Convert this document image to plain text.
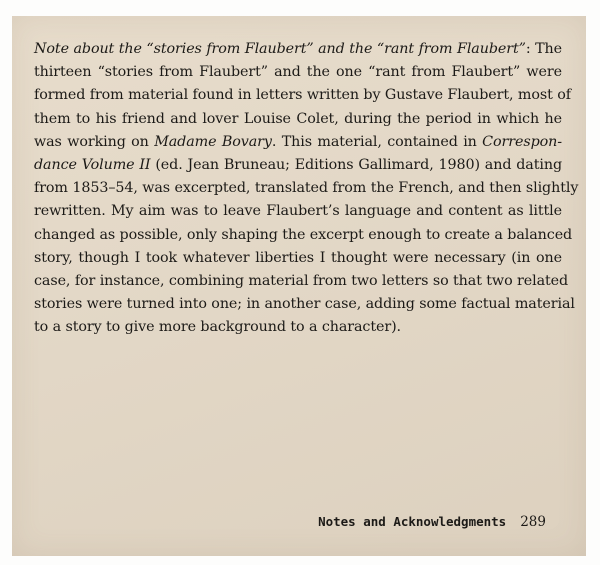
Note about the “stories from Flaubert” and the “rant from Flaubert”: The
thirteen “stories from Flaubert” and the one “rant from Flaubert” were
formed from material found in letters written by Gustave Flaubert, most of
them to his friend and lover Louise Colet, during the period in which he
was working on Madame Bovary. This material, contained in Correspon-
dance Volume II (ed. Jean Bruneau; Editions Gallimard, 1980) and dating
from 1853–54, was excerpted, translated from the French, and then slightly
rewritten. My aim was to leave Flaubert’s language and content as little
changed as possible, only shaping the excerpt enough to create a balanced
story, though I took whatever liberties I thought were necessary (in one
case, for instance, combining material from two letters so that two related
stories were turned into one; in another case, adding some factual material
to a story to give more background to a character).
Notes and Acknowledgments 289
